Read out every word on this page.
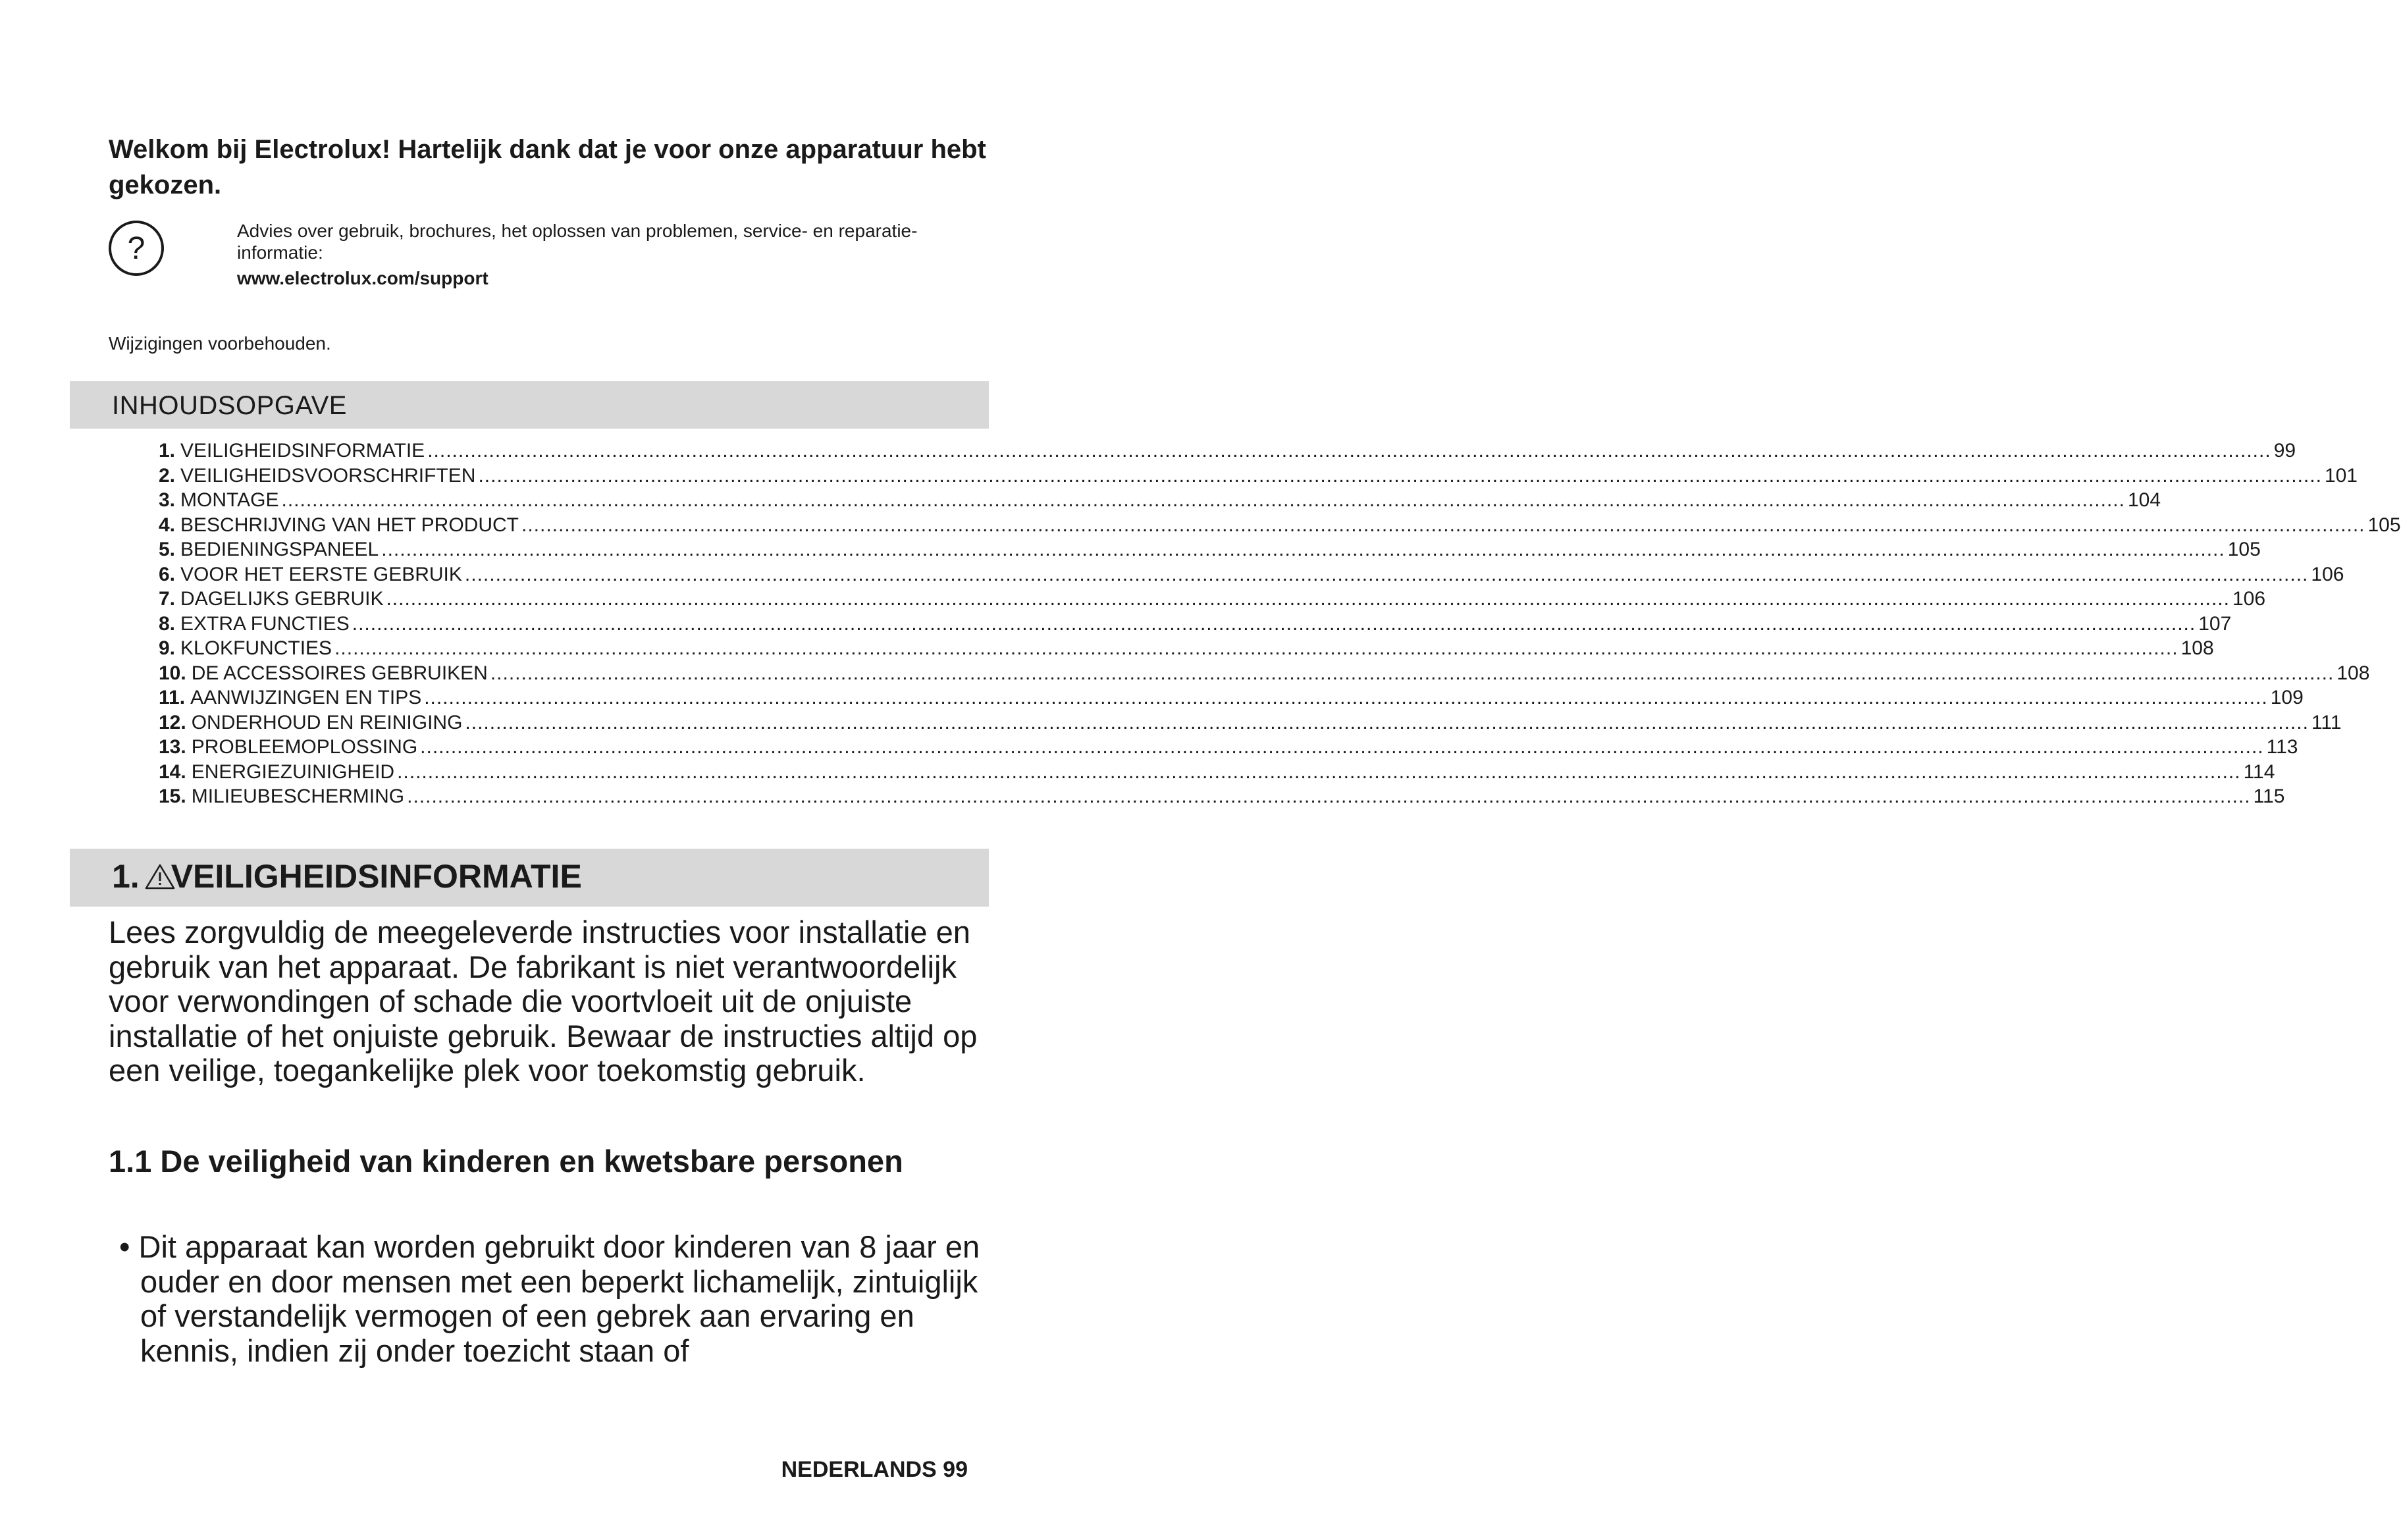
Welkom bij Electrolux! Hartelijk dank dat je voor onze apparatuur hebt gekozen.
?
Advies over gebruik, brochures, het oplossen van problemen, service- en reparatie-informatie:
www.electrolux.com/support
Wijzigingen voorbehouden.
INHOUDSOPGAVE
1. VEILIGHEIDSINFORMATIE ............................................................................................................................................................................................................................................................................................................ 99
2. VEILIGHEIDSVOORSCHRIFTEN ............................................................................................................................................................................................................................................................................................................ 101
3. MONTAGE ............................................................................................................................................................................................................................................................................................................ 104
4. BESCHRIJVING VAN HET PRODUCT ............................................................................................................................................................................................................................................................................................................ 105
5. BEDIENINGSPANEEL ............................................................................................................................................................................................................................................................................................................ 105
6. VOOR HET EERSTE GEBRUIK ............................................................................................................................................................................................................................................................................................................ 106
7. DAGELIJKS GEBRUIK ............................................................................................................................................................................................................................................................................................................ 106
8. EXTRA FUNCTIES ............................................................................................................................................................................................................................................................................................................ 107
9. KLOKFUNCTIES ............................................................................................................................................................................................................................................................................................................ 108
10. DE ACCESSOIRES GEBRUIKEN ............................................................................................................................................................................................................................................................................................................ 108
11. AANWIJZINGEN EN TIPS ............................................................................................................................................................................................................................................................................................................ 109
12. ONDERHOUD EN REINIGING ............................................................................................................................................................................................................................................................................................................ 111
13. PROBLEEMOPLOSSING ............................................................................................................................................................................................................................................................................................................ 113
14. ENERGIEZUINIGHEID ............................................................................................................................................................................................................................................................................................................ 114
15. MILIEUBESCHERMING ............................................................................................................................................................................................................................................................................................................ 115
1. VEILIGHEIDSINFORMATIE

Lees zorgvuldig de meegeleverde instructies voor installatie en gebruik van het apparaat. De fabrikant is niet verantwoordelijk voor verwondingen of schade die voortvloeit uit de onjuiste installatie of het onjuiste gebruik. Bewaar de instructies altijd op een veilige, toegankelijke plek voor toekomstig gebruik.

1.1 De veiligheid van kinderen en kwetsbare personen
• Dit apparaat kan worden gebruikt door kinderen van 8 jaar en ouder en door mensen met een beperkt lichamelijk, zintuiglijk of verstandelijk vermogen of een gebrek aan ervaring en kennis, indien zij onder toezicht staan of
NEDERLANDS 99
